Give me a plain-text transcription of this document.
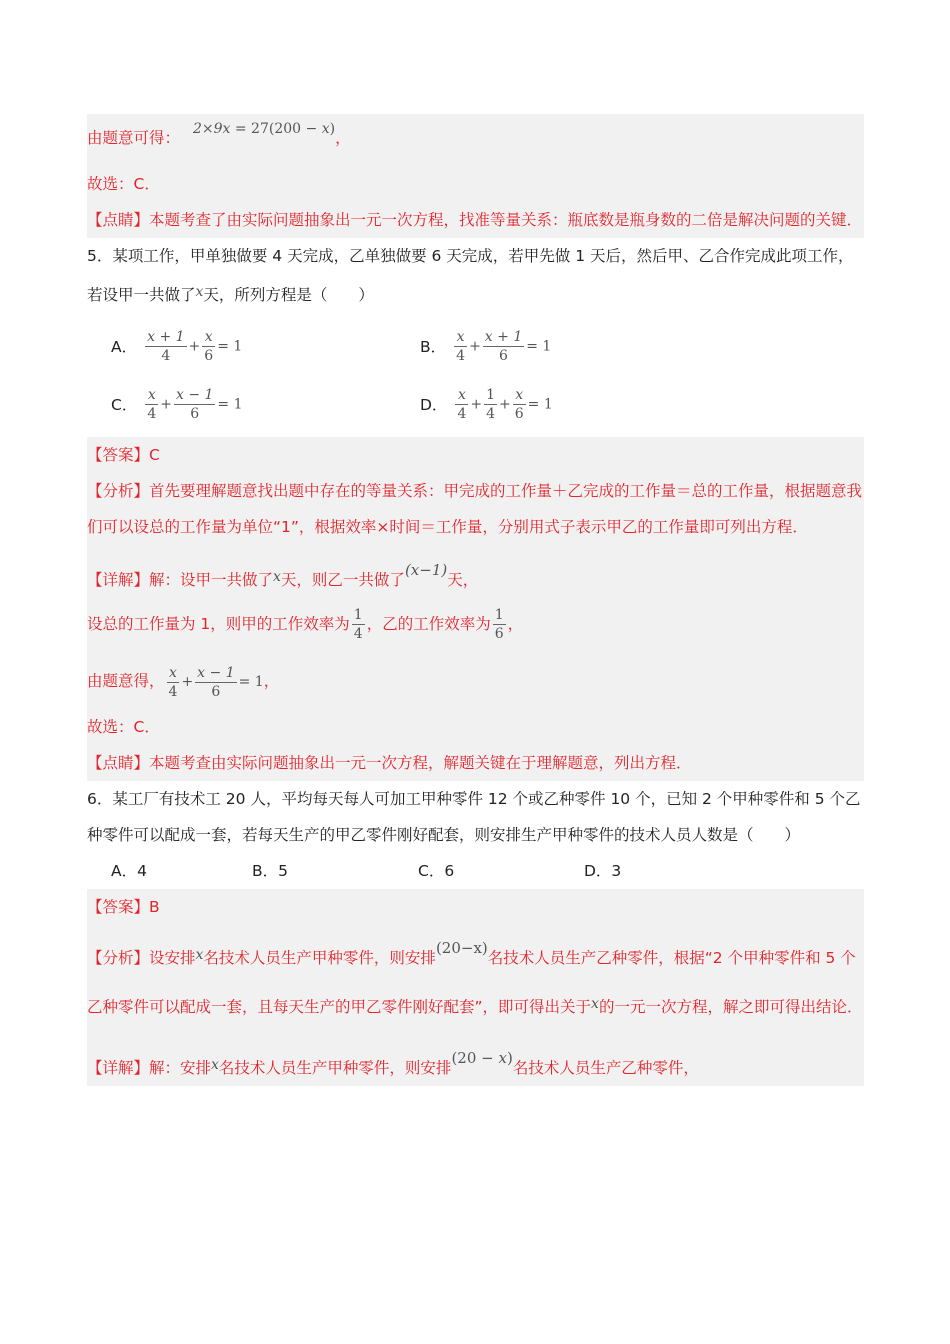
由题意可得： 2×9x = 27(200 − x)，
故选：C．
【点睛】本题考查了由实际问题抽象出一元一次方程，找准等量关系：瓶底数是瓶身数的二倍是解决问题的关键．
5．某项工作，甲单独做要 4 天完成，乙单独做要 6 天完成，若甲先做 1 天后，然后甲、乙合作完成此项工作，若设甲一共做了x天，所列方程是（　　）
A． $\frac{x + 1}{4} + \frac{x}{6} = 1$	B． $\frac{x}{4} + \frac{x + 1}{6} = 1$
C． $\frac{x}{4} + \frac{x - 1}{6} = 1$	D． $\frac{x}{4} + \frac{1}{4} + \frac{x}{6} = 1$
【答案】C
【分析】首先要理解题意找出题中存在的等量关系：甲完成的工作量＋乙完成的工作量＝总的工作量，根据题意我们可以设总的工作量为单位“1”，根据效率×时间＝工作量，分别用式子表示甲乙的工作量即可列出方程．
【详解】解：设甲一共做了x天，则乙一共做了(x−1)天，
设总的工作量为 1，则甲的工作效率为 $\frac{1}{4}$ ，乙的工作效率为 $\frac{1}{6}$ ，
由题意得， $\frac{x}{4} + \frac{x - 1}{6} = 1$，
故选：C．
【点睛】本题考查由实际问题抽象出一元一次方程，解题关键在于理解题意，列出方程．
6．某工厂有技术工 20 人，平均每天每人可加工甲种零件 12 个或乙种零件 10 个，已知 2 个甲种零件和 5 个乙种零件可以配成一套，若每天生产的甲乙零件刚好配套，则安排生产甲种零件的技术人员人数是（　　）
A．4	B．5	C．6	D．3
【答案】B
【分析】设安排x名技术人员生产甲种零件，则安排(20−x)名技术人员生产乙种零件，根据“2 个甲种零件和 5 个乙种零件可以配成一套，且每天生产的甲乙零件刚好配套”，即可得出关于x的一元一次方程，解之即可得出结论．
【详解】解：安排x名技术人员生产甲种零件，则安排(20 − x)名技术人员生产乙种零件，
